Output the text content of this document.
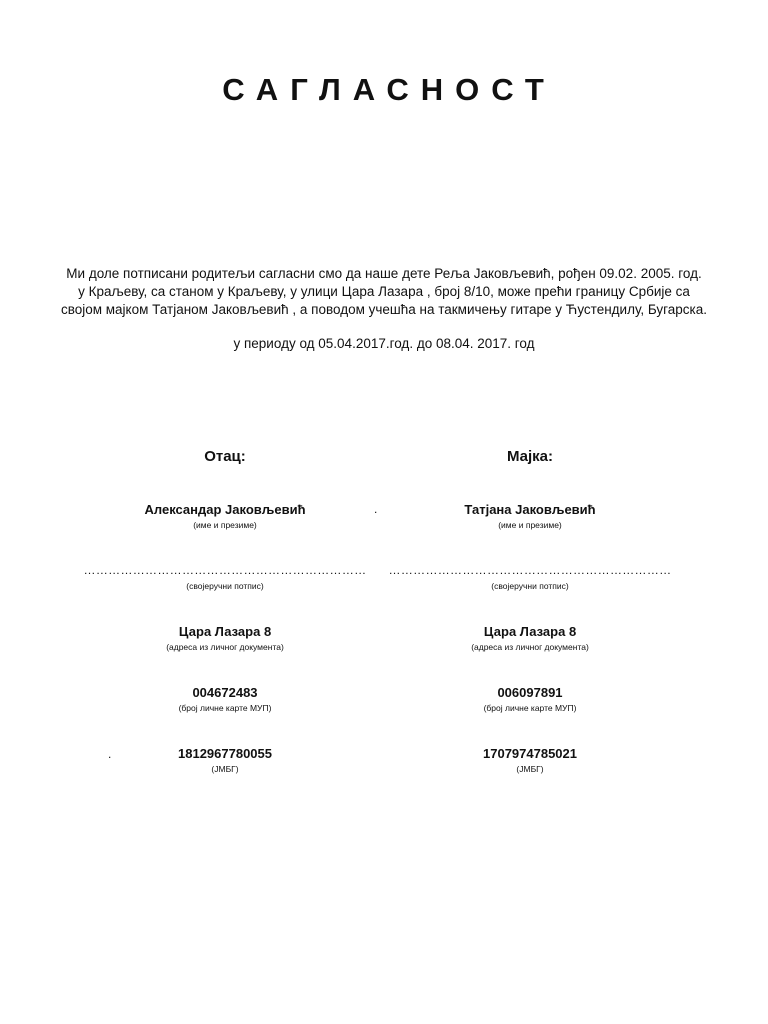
САГЛАСНОСТ
Ми доле потписани родитељи сагласни смо да наше дете Реља Јаковљевић, рођен 09.02. 2005. год.
у Краљеву, са станом у Краљеву, у улици Цара Лазара , број 8/10, може прећи границу Србије са
својом мајком Татјаном Јаковљевић , а поводом учешћа на такмичењу гитаре у Ћустендилу, Бугарска.
у периоду од 05.04.2017.год. до 08.04. 2017. год
Отац:
Александар Јаковљевић
(име и презиме)
……………………………………………………………
(својеручни потпис)
Цара Лазара 8
(адреса из личног документа)
004672483
(број личне карте МУП)
1812967780055
(ЈМБГ)
Мајка:
Татјана Јаковљевић
(име и презиме)
……………………………………………………………
(својеручни потпис)
Цара Лазара 8
(адреса из личног документа)
006097891
(број личне карте МУП)
1707974785021
(ЈМБГ)
.
.
